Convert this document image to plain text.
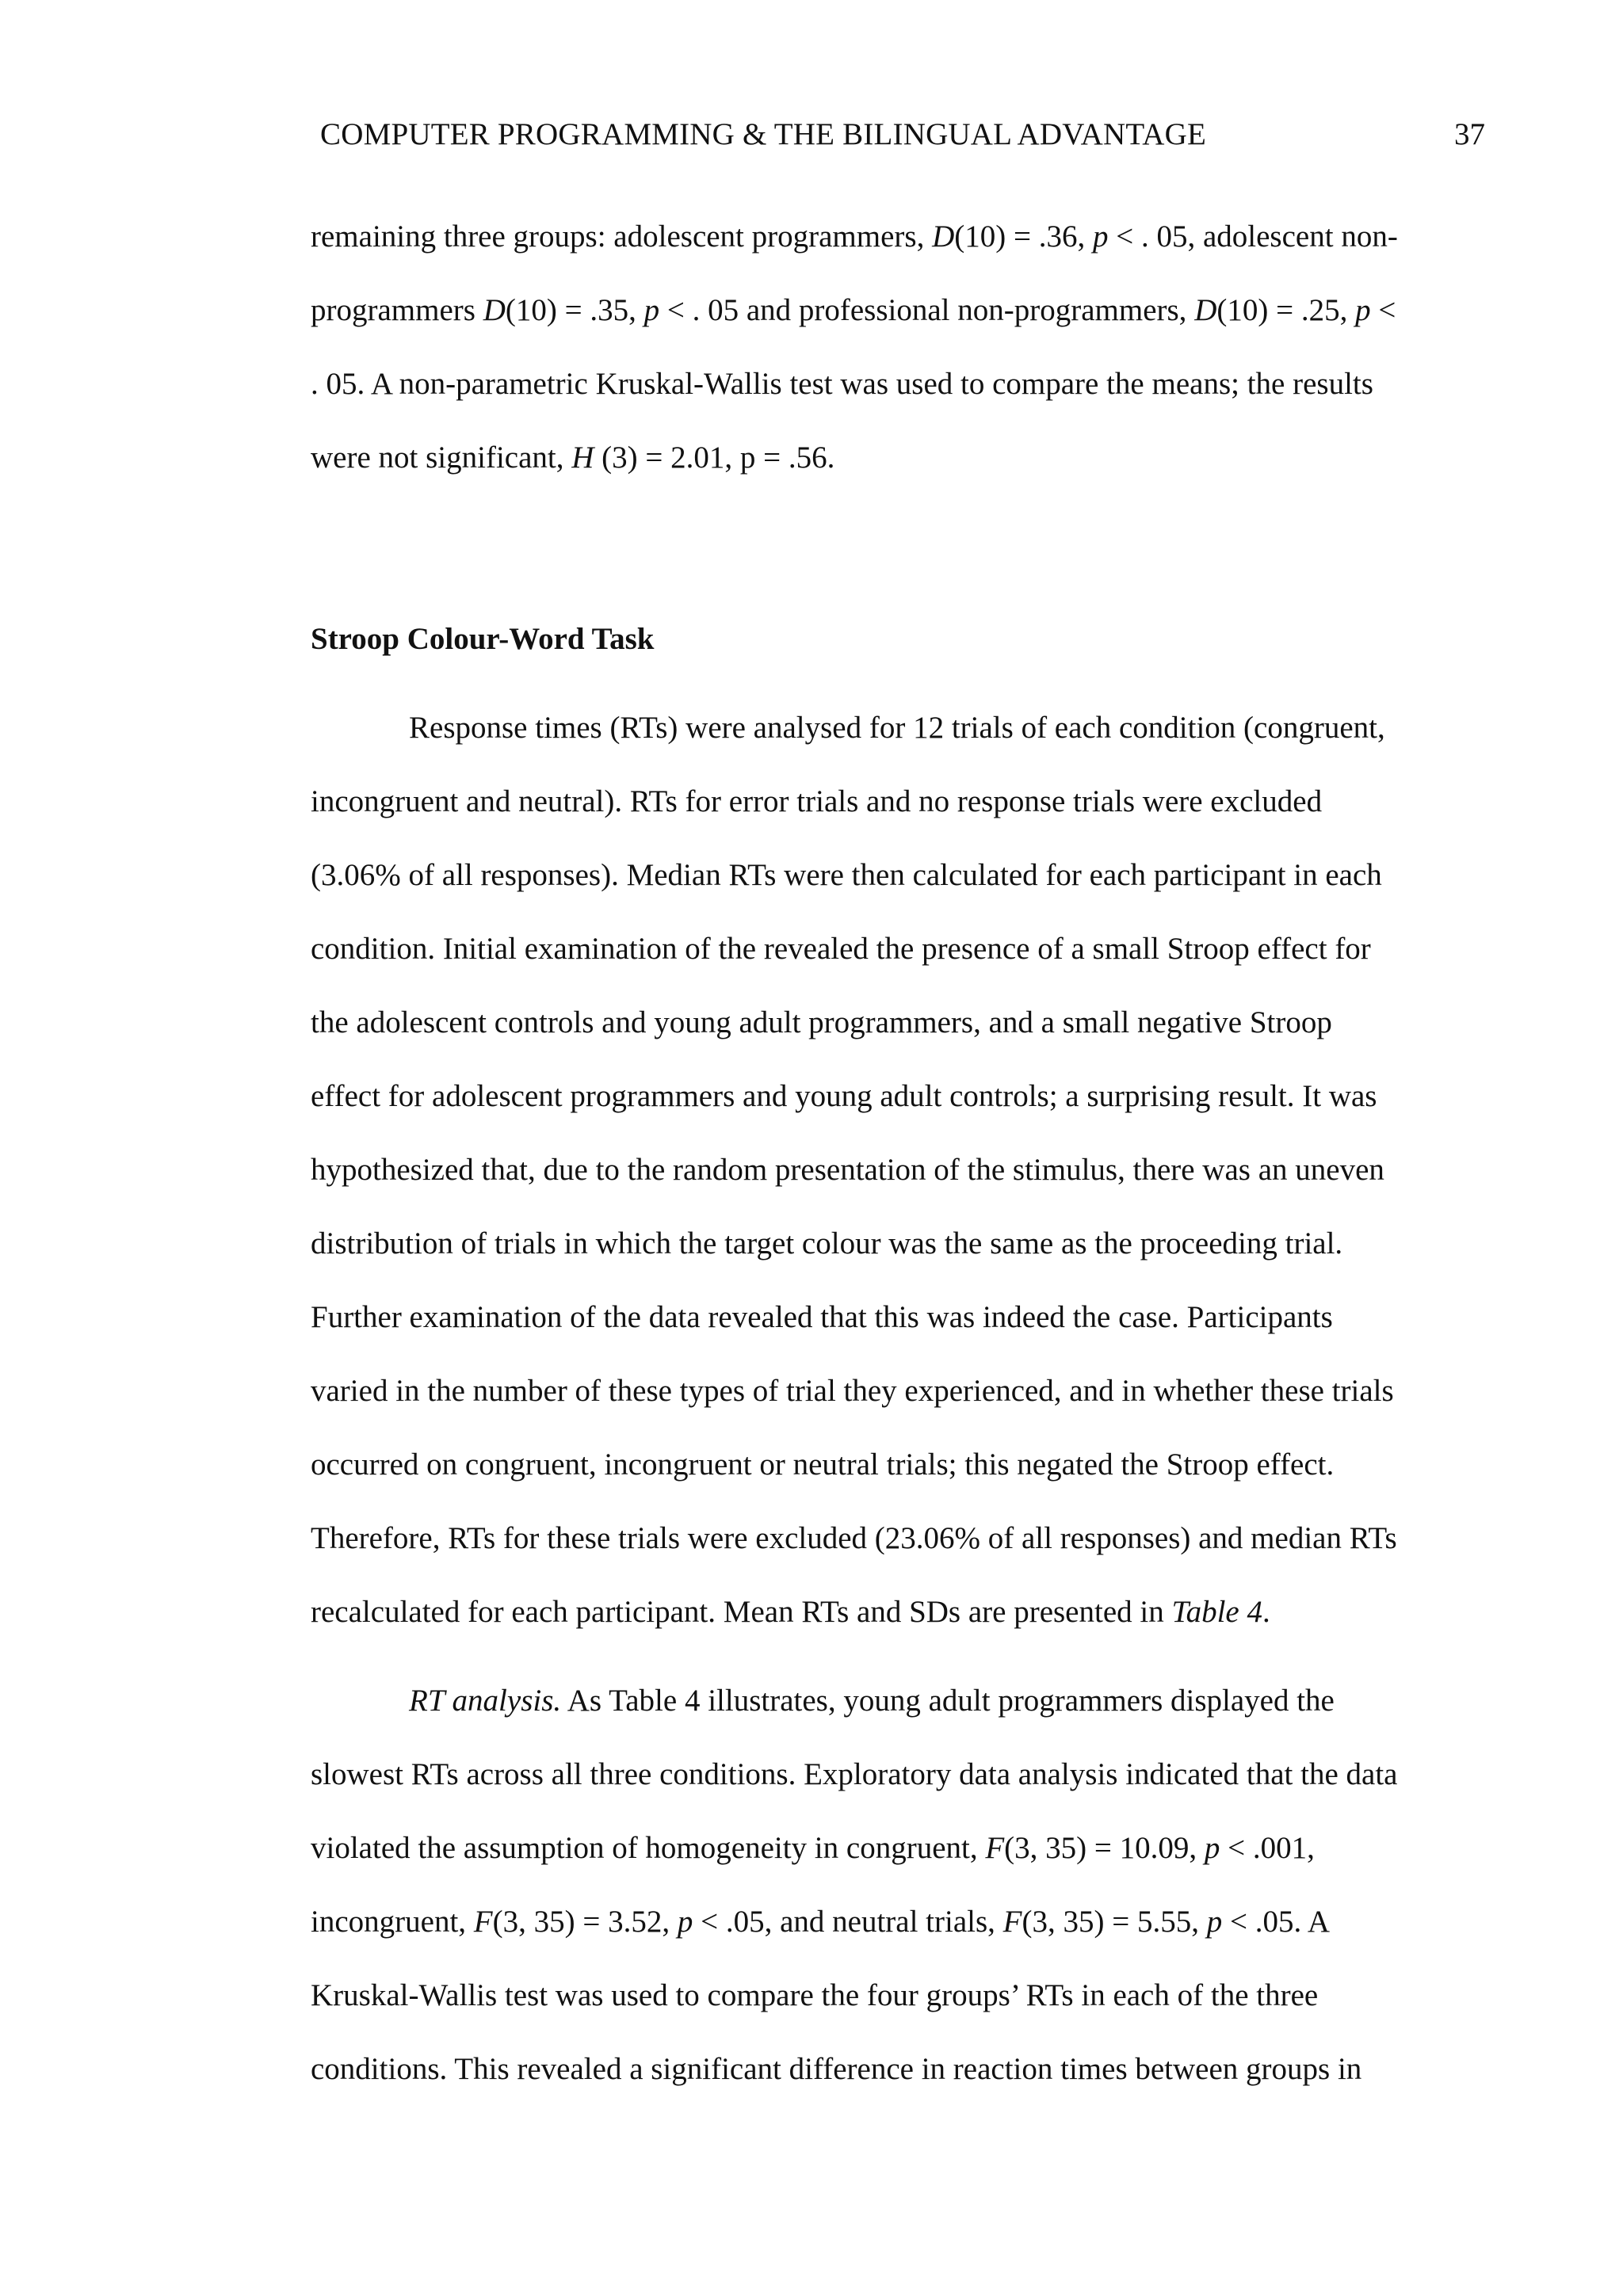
COMPUTER PROGRAMMING & THE BILINGUAL ADVANTAGE	37
remaining three groups: adolescent programmers, D(10) = .36, p < . 05, adolescent non-
programmers D(10) = .35, p < . 05 and professional non-programmers, D(10) = .25, p <
. 05. A non-parametric Kruskal-Wallis test was used to compare the means; the results
were not significant, H (3) = 2.01, p = .56.
Stroop Colour-Word Task
Response times (RTs) were analysed for 12 trials of each condition (congruent,
incongruent and neutral). RTs for error trials and no response trials were excluded
(3.06% of all responses). Median RTs were then calculated for each participant in each
condition. Initial examination of the revealed the presence of a small Stroop effect for
the adolescent controls and young adult programmers, and a small negative Stroop
effect for adolescent programmers and young adult controls; a surprising result. It was
hypothesized that, due to the random presentation of the stimulus, there was an uneven
distribution of trials in which the target colour was the same as the proceeding trial.
Further examination of the data revealed that this was indeed the case. Participants
varied in the number of these types of trial they experienced, and in whether these trials
occurred on congruent, incongruent or neutral trials; this negated the Stroop effect.
Therefore, RTs for these trials were excluded (23.06% of all responses) and median RTs
recalculated for each participant. Mean RTs and SDs are presented in Table 4.
RT analysis. As Table 4 illustrates, young adult programmers displayed the
slowest RTs across all three conditions. Exploratory data analysis indicated that the data
violated the assumption of homogeneity in congruent, F(3, 35) = 10.09, p < .001,
incongruent, F(3, 35) = 3.52, p < .05, and neutral trials, F(3, 35) = 5.55, p < .05. A
Kruskal-Wallis test was used to compare the four groups’ RTs in each of the three
conditions. This revealed a significant difference in reaction times between groups in
